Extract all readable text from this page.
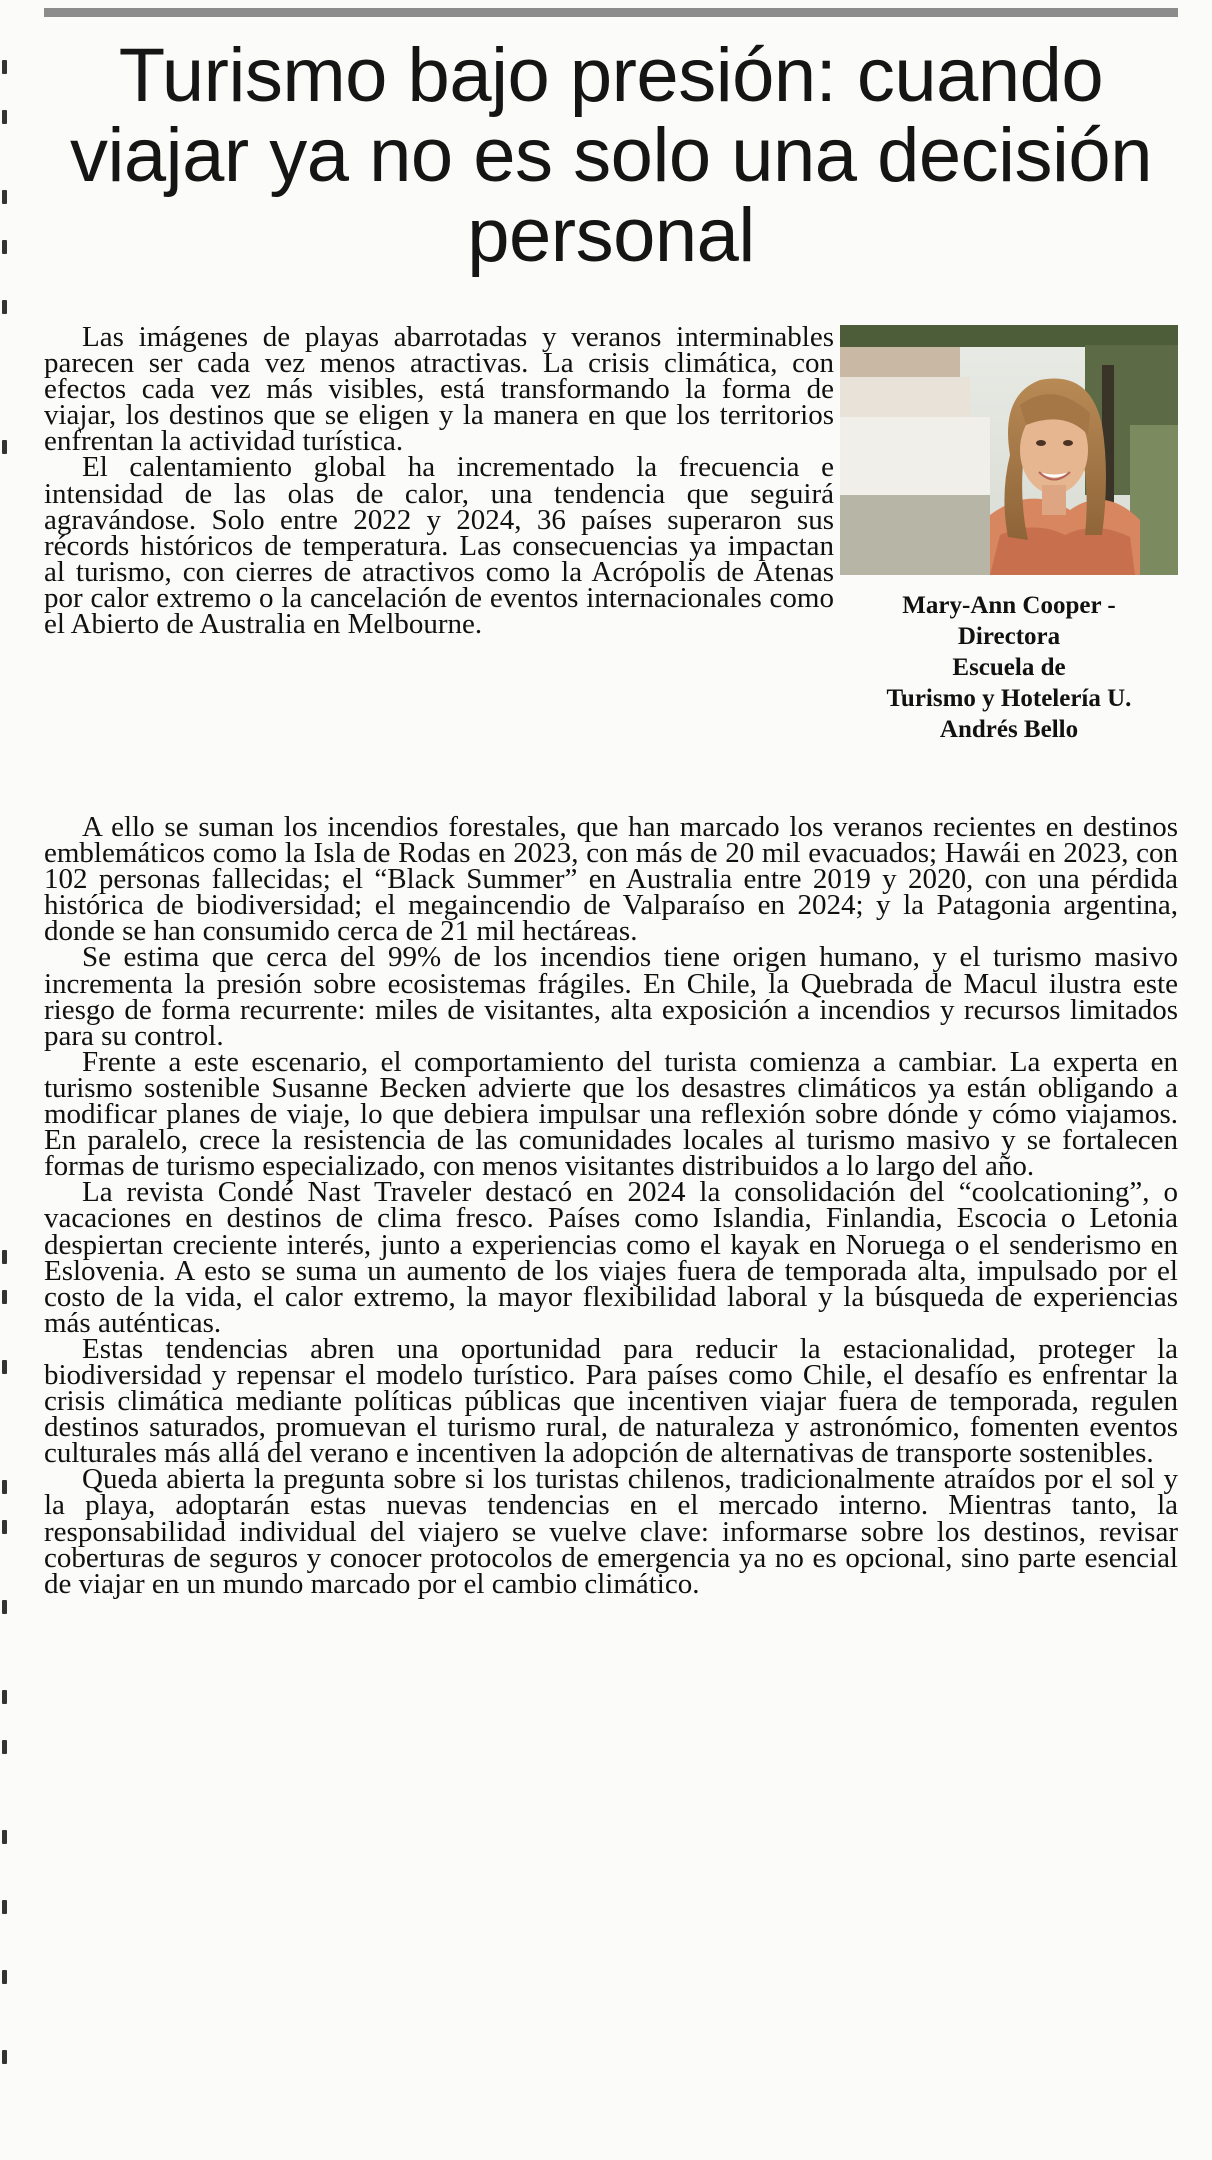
Turismo bajo presión: cuando viajar ya no es solo una decisión personal

Mary-Ann Cooper -
Directora
Escuela de
Turismo y Hotelería U.
Andrés Bello

Las imágenes de playas abarrotadas y veranos interminables parecen ser cada vez menos atractivas. La crisis climática, con efectos cada vez más visibles, está transformando la forma de viajar, los destinos que se eligen y la manera en que los territorios enfrentan la actividad turística.

El calentamiento global ha incrementado la frecuencia e intensidad de las olas de calor, una tendencia que seguirá agravándose. Solo entre 2022 y 2024, 36 países superaron sus récords históricos de temperatura. Las consecuencias ya impactan al turismo, con cierres de atractivos como la Acrópolis de Atenas por calor extremo o la cancelación de eventos internacionales como el Abierto de Australia en Melbourne.

A ello se suman los incendios forestales, que han marcado los veranos recientes en destinos emblemáticos como la Isla de Rodas en 2023, con más de 20 mil evacuados; Hawái en 2023, con 102 personas fallecidas; el “Black Summer” en Australia entre 2019 y 2020, con una pérdida histórica de biodiversidad; el megaincendio de Valparaíso en 2024; y la Patagonia argentina, donde se han consumido cerca de 21 mil hectáreas.

Se estima que cerca del 99% de los incendios tiene origen humano, y el turismo masivo incrementa la presión sobre ecosistemas frágiles. En Chile, la Quebrada de Macul ilustra este riesgo de forma recurrente: miles de visitantes, alta exposición a incendios y recursos limitados para su control.

Frente a este escenario, el comportamiento del turista comienza a cambiar. La experta en turismo sostenible Susanne Becken advierte que los desastres climáticos ya están obligando a modificar planes de viaje, lo que debiera impulsar una reflexión sobre dónde y cómo viajamos. En paralelo, crece la resistencia de las comunidades locales al turismo masivo y se fortalecen formas de turismo especializado, con menos visitantes distribuidos a lo largo del año.

La revista Condé Nast Traveler destacó en 2024 la consolidación del “coolcationing”, o vacaciones en destinos de clima fresco. Países como Islandia, Finlandia, Escocia o Letonia despiertan creciente interés, junto a experiencias como el kayak en Noruega o el senderismo en Eslovenia. A esto se suma un aumento de los viajes fuera de temporada alta, impulsado por el costo de la vida, el calor extremo, la mayor flexibilidad laboral y la búsqueda de experiencias más auténticas.

Estas tendencias abren una oportunidad para reducir la estacionalidad, proteger la biodiversidad y repensar el modelo turístico. Para países como Chile, el desafío es enfrentar la crisis climática mediante políticas públicas que incentiven viajar fuera de temporada, regulen destinos saturados, promuevan el turismo rural, de naturaleza y astronómico, fomenten eventos culturales más allá del verano e incentiven la adopción de alternativas de transporte sostenibles.

Queda abierta la pregunta sobre si los turistas chilenos, tradicionalmente atraídos por el sol y la playa, adoptarán estas nuevas tendencias en el mercado interno. Mientras tanto, la responsabilidad individual del viajero se vuelve clave: informarse sobre los destinos, revisar coberturas de seguros y conocer protocolos de emergencia ya no es opcional, sino parte esencial de viajar en un mundo marcado por el cambio climático.
